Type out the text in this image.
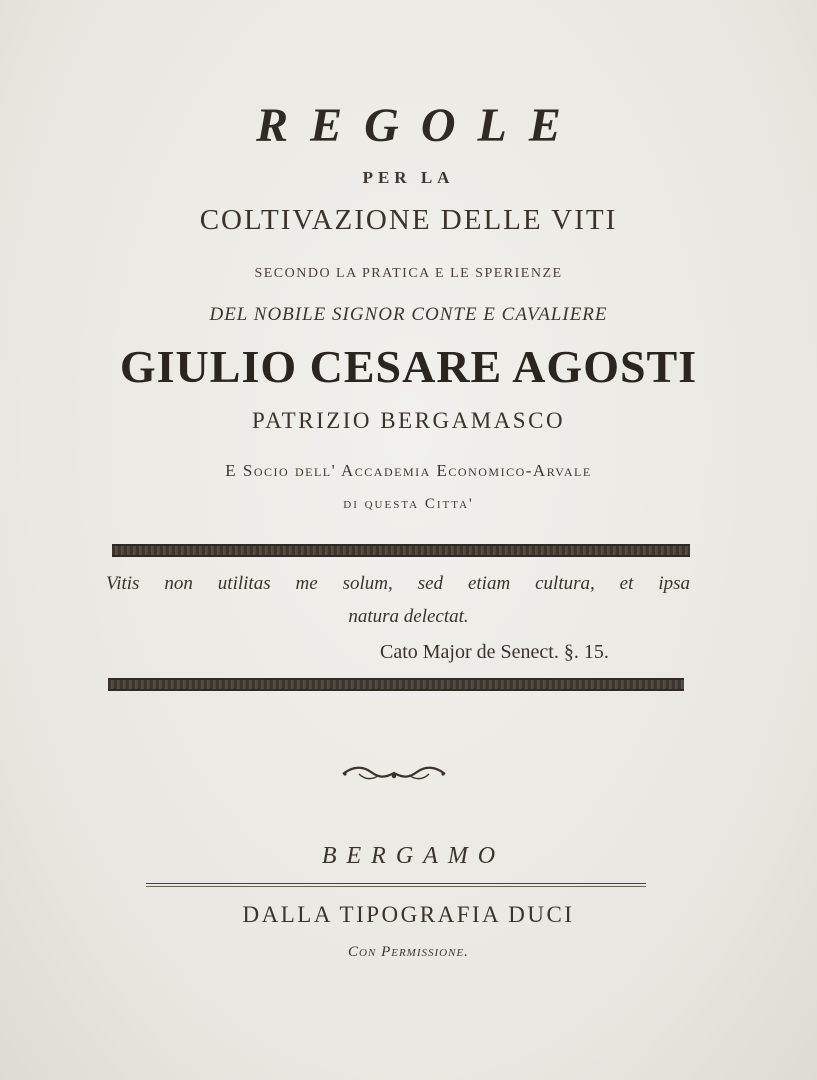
REGOLE
PER LA
COLTIVAZIONE DELLE VITI
SECONDO LA PRATICA E LE SPERIENZE
DEL NOBILE SIGNOR CONTE E CAVALIERE
GIULIO CESARE AGOSTI
PATRIZIO BERGAMASCO
E Socio dell' Accademia Economico-Arvale
di questa Citta'
Vitis non utilitas me solum, sed etiam cultura, et ipsa
natura delectat.
Cato Major de Senect. §. 15.
BERGAMO
DALLA TIPOGRAFIA DUCI
Con Permissione.
